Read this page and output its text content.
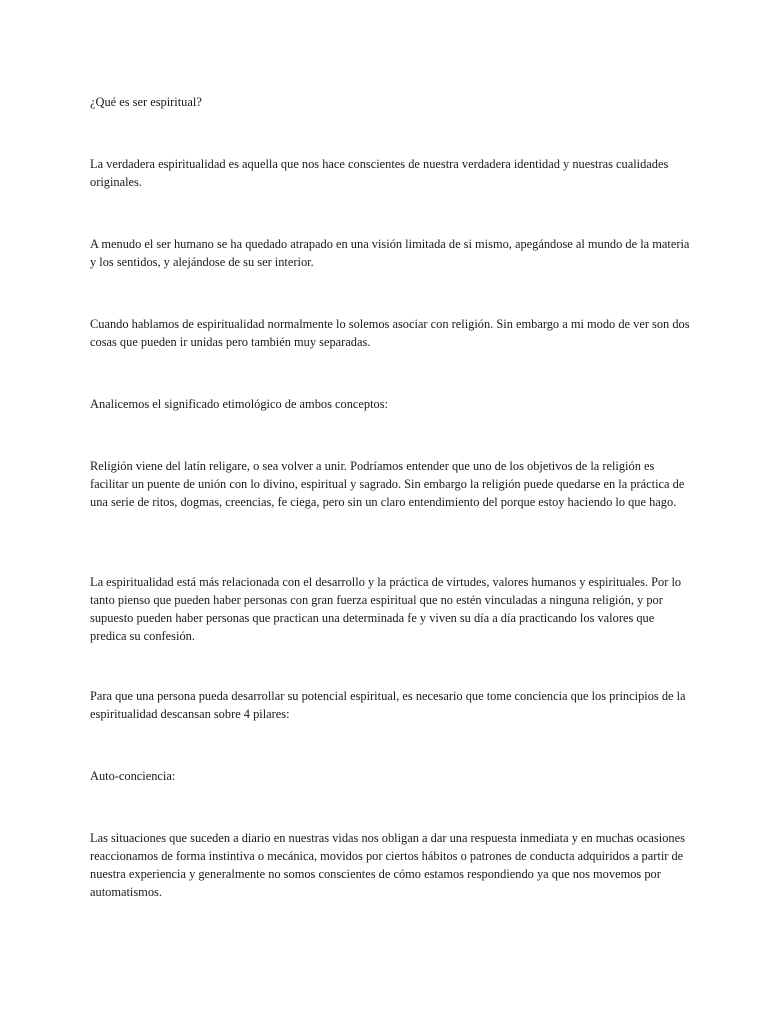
¿Qué es ser espiritual?

La verdadera espiritualidad es aquella que nos hace conscientes de nuestra verdadera identidad y nuestras cualidades originales.

A menudo el ser humano se ha quedado atrapado en una visión limitada de si mismo, apegándose al mundo de la materia y los sentidos, y alejándose de su ser interior.

Cuando hablamos de espiritualidad normalmente lo solemos asociar con religión. Sin embargo a mi modo de ver son dos cosas que pueden ir unidas pero también muy separadas.

Analicemos el significado etimológico de ambos conceptos:

Religión viene del latín religare, o sea volver a unir. Podríamos entender que uno de los objetivos de la religión es facilitar un puente de unión con lo divino, espiritual y sagrado. Sin embargo la religión puede quedarse en la práctica de una serie de ritos, dogmas, creencias, fe ciega, pero sin un claro entendimiento del porque estoy haciendo lo que hago.

La espiritualidad está más relacionada con el desarrollo y la práctica de virtudes, valores humanos y espirituales. Por lo tanto pienso que pueden haber personas con gran fuerza espiritual que no estén vinculadas a ninguna religión, y por supuesto pueden haber personas que practican una determinada fe y viven su día a día practicando los valores que predica su confesión.

Para que una persona pueda desarrollar su potencial espiritual, es necesario que tome conciencia que los principios de la espiritualidad descansan sobre 4 pilares:

Auto-conciencia:

Las situaciones que suceden a diario en nuestras vidas nos obligan a dar una respuesta inmediata y en muchas ocasiones reaccionamos de forma instintiva o mecánica, movidos por ciertos hábitos o patrones de conducta adquiridos a partir de nuestra experiencia y generalmente no somos conscientes de cómo estamos respondiendo ya que nos movemos por automatismos.
